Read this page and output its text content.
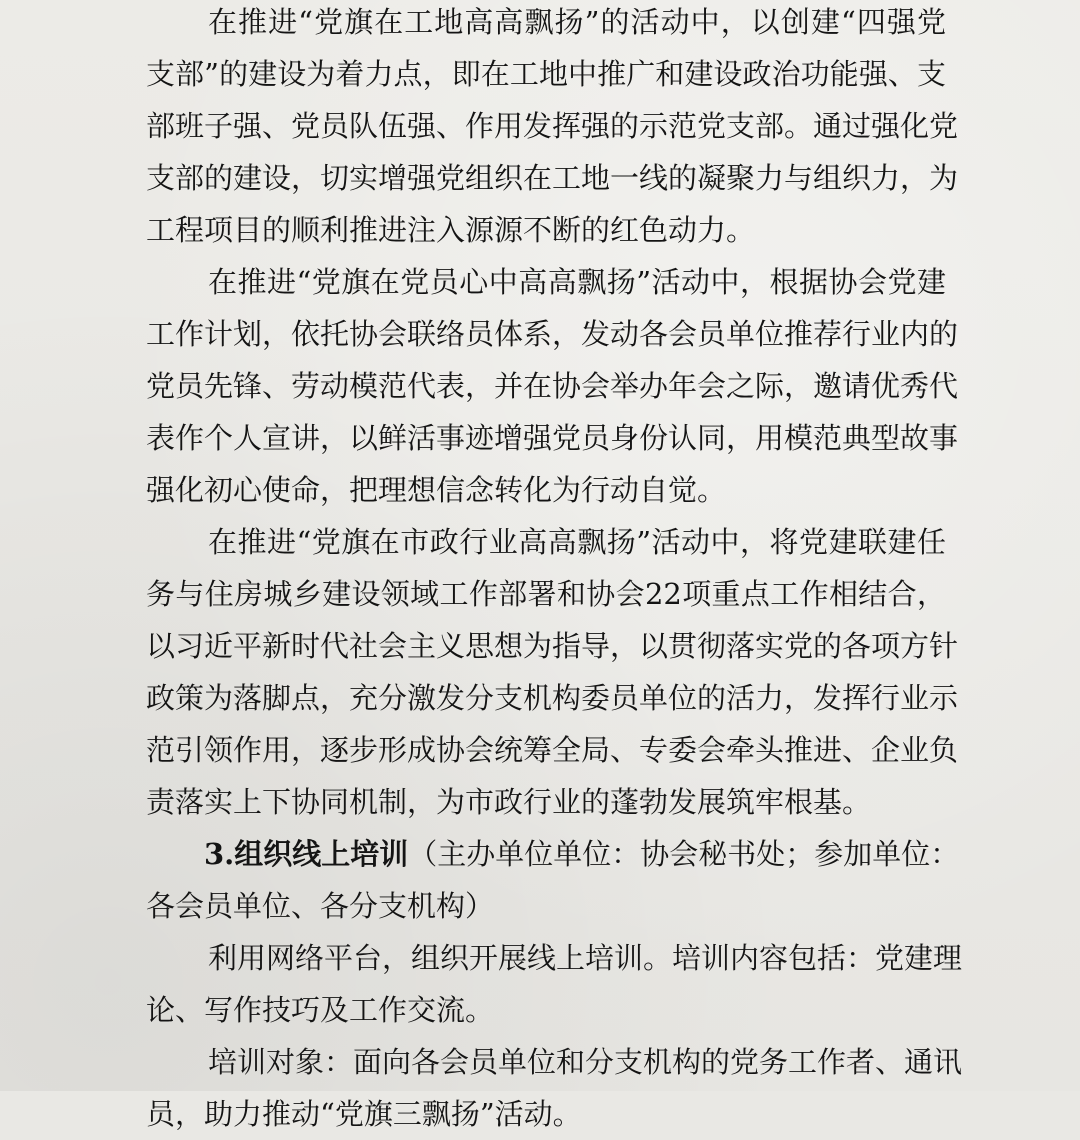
在推进“党旗在工地高高飘扬”的活动中，以创建“四强党
支部”的建设为着力点，即在工地中推广和建设政治功能强、支
部班子强、党员队伍强、作用发挥强的示范党支部。通过强化党
支部的建设，切实增强党组织在工地一线的凝聚力与组织力，为
工程项目的顺利推进注入源源不断的红色动力。
在推进“党旗在党员心中高高飘扬”活动中，根据协会党建
工作计划，依托协会联络员体系，发动各会员单位推荐行业内的
党员先锋、劳动模范代表，并在协会举办年会之际，邀请优秀代
表作个人宣讲，以鲜活事迹增强党员身份认同，用模范典型故事
强化初心使命，把理想信念转化为行动自觉。
在推进“党旗在市政行业高高飘扬”活动中，将党建联建任
务与住房城乡建设领域工作部署和协会22项重点工作相结合，
以习近平新时代社会主义思想为指导，以贯彻落实党的各项方针
政策为落脚点，充分激发分支机构委员单位的活力，发挥行业示
范引领作用，逐步形成协会统筹全局、专委会牵头推进、企业负
责落实上下协同机制，为市政行业的蓬勃发展筑牢根基。
3.组织线上培训（主办单位单位：协会秘书处；参加单位：
各会员单位、各分支机构）
利用网络平台，组织开展线上培训。培训内容包括：党建理
论、写作技巧及工作交流。
培训对象：面向各会员单位和分支机构的党务工作者、通讯
员，助力推动“党旗三飘扬”活动。
